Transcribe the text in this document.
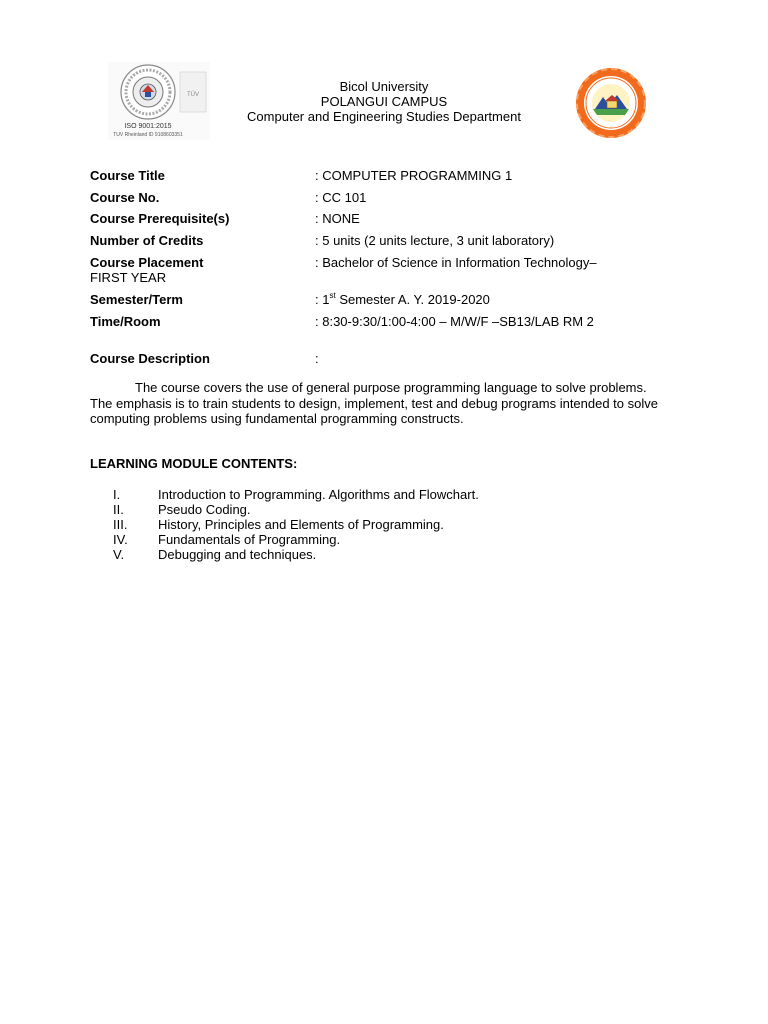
TÜV
ISO 9001:2015
TUV Rheinland ID 9108603351
Bicol University
POLANGUI CAMPUS
Computer and Engineering Studies Department
Course Title	: COMPUTER PROGRAMMING 1
Course No.	: CC 101
Course Prerequisite(s)	: NONE
Number of Credits	: 5 units (2 units lecture, 3 unit laboratory)
Course Placement	: Bachelor of Science in Information Technology–
FIRST YEAR
Semester/Term	: 1st Semester A. Y. 2019-2020
Time/Room	: 8:30-9:30/1:00-4:00 – M/W/F –SB13/LAB RM 2
Course Description	:
The course covers the use of general purpose programming language to solve problems. The emphasis is to train students to design, implement, test and debug programs intended to solve computing problems using fundamental programming constructs.
LEARNING MODULE CONTENTS:
I.	Introduction to Programming. Algorithms and Flowchart.
II.	Pseudo Coding.
III.	History, Principles and Elements of Programming.
IV.	Fundamentals of Programming.
V.	Debugging and techniques.
